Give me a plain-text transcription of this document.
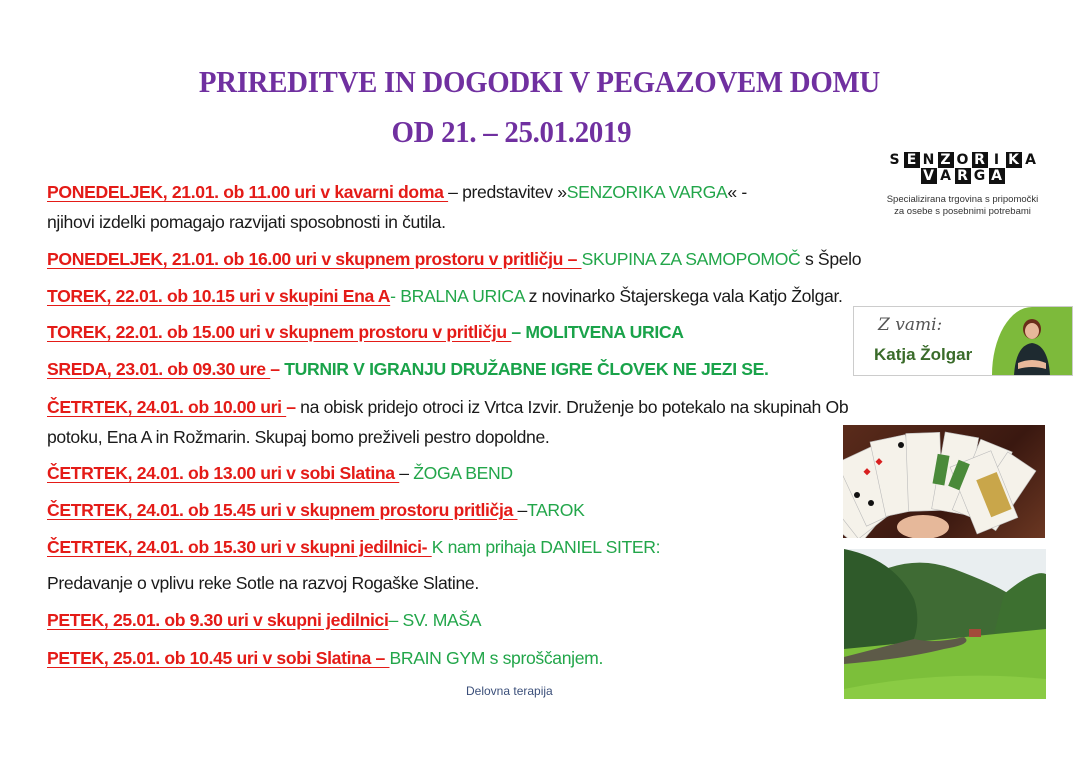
PRIREDITVE IN DOGODKI V PEGAZOVEM DOMU
OD 21. – 25.01.2019
PONEDELJEK, 21.01. ob 11.00 uri v kavarni doma – predstavitev »SENZORIKA VARGA« -
njihovi izdelki pomagajo razvijati sposobnosti in čutila.
PONEDELJEK, 21.01. ob 16.00 uri v skupnem prostoru v pritličju – SKUPINA ZA SAMOPOMOČ s Špelo
TOREK, 22.01. ob 10.15 uri v skupini Ena A- BRALNA URICA z novinarko Štajerskega vala Katjo Žolgar.
TOREK, 22.01. ob 15.00 uri v skupnem prostoru v pritličju – MOLITVENA URICA
SREDA, 23.01. ob 09.30 ure – TURNIR V IGRANJU DRUŽABNE IGRE ČLOVEK NE JEZI SE.
ČETRTEK, 24.01. ob 10.00 uri – na obisk pridejo otroci iz Vrtca Izvir. Druženje bo potekalo na skupinah Ob
potoku, Ena A in Rožmarin. Skupaj bomo preživeli pestro dopoldne.
ČETRTEK, 24.01. ob 13.00 uri v sobi Slatina – ŽOGA BEND
ČETRTEK, 24.01. ob 15.45 uri v skupnem prostoru pritličja –TAROK
ČETRTEK, 24.01. ob 15.30 uri v skupni jedilnici- K nam prihaja DANIEL SITER:
Predavanje o vplivu reke Sotle na razvoj Rogaške Slatine.
PETEK, 25.01. ob 9.30 uri v skupni jedilnici– SV. MAŠA
PETEK, 25.01. ob 10.45 uri v sobi Slatina – BRAIN GYM s sproščanjem.
Delovna terapija
S E N Z O R I K A
V A R G A
Specializirana trgovina s pripomočki
za osebe s posebnimi potrebami
Z vami:
Katja Žolgar
